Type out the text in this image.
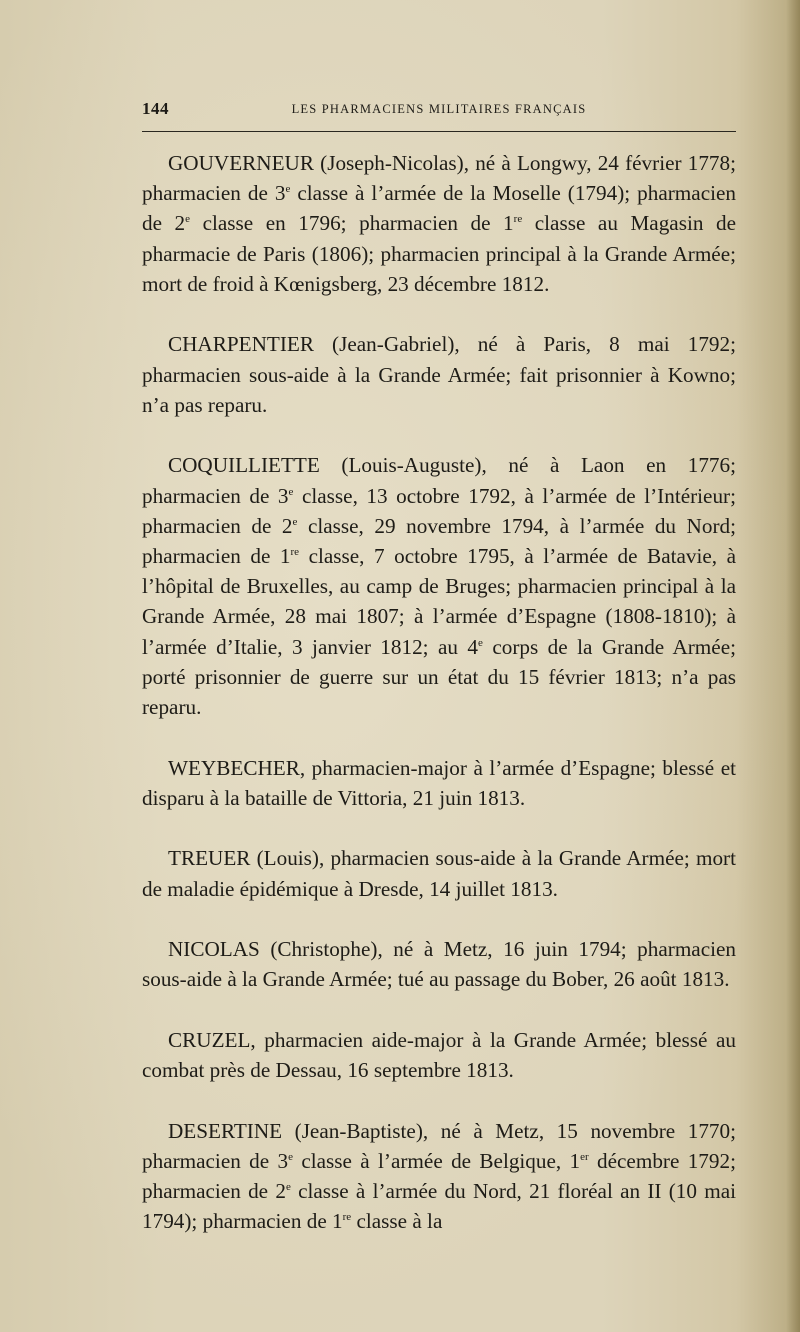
144	LES PHARMACIENS MILITAIRES FRANÇAIS

GOUVERNEUR (Joseph-Nicolas), né à Longwy, 24 février 1778; pharmacien de 3e classe à l’armée de la Moselle (1794); pharmacien de 2e classe en 1796; pharmacien de 1re classe au Magasin de pharmacie de Paris (1806); pharmacien principal à la Grande Armée; mort de froid à Kœnigsberg, 23 décembre 1812.

CHARPENTIER (Jean-Gabriel), né à Paris, 8 mai 1792; pharmacien sous-aide à la Grande Armée; fait prisonnier à Kowno; n’a pas reparu.

COQUILLIETTE (Louis-Auguste), né à Laon en 1776; pharmacien de 3e classe, 13 octobre 1792, à l’armée de l’Intérieur; pharmacien de 2e classe, 29 novembre 1794, à l’armée du Nord; pharmacien de 1re classe, 7 octobre 1795, à l’armée de Batavie, à l’hôpital de Bruxelles, au camp de Bruges; pharmacien principal à la Grande Armée, 28 mai 1807; à l’armée d’Espagne (1808-1810); à l’armée d’Italie, 3 janvier 1812; au 4e corps de la Grande Armée; porté prisonnier de guerre sur un état du 15 février 1813; n’a pas reparu.

WEYBECHER, pharmacien-major à l’armée d’Espagne; blessé et disparu à la bataille de Vittoria, 21 juin 1813.

TREUER (Louis), pharmacien sous-aide à la Grande Armée; mort de maladie épidémique à Dresde, 14 juillet 1813.

NICOLAS (Christophe), né à Metz, 16 juin 1794; pharmacien sous-aide à la Grande Armée; tué au passage du Bober, 26 août 1813.

CRUZEL, pharmacien aide-major à la Grande Armée; blessé au combat près de Dessau, 16 septembre 1813.

DESERTINE (Jean-Baptiste), né à Metz, 15 novembre 1770; pharmacien de 3e classe à l’armée de Belgique, 1er décembre 1792; pharmacien de 2e classe à l’armée du Nord, 21 floréal an II (10 mai 1794); pharmacien de 1re classe à la
